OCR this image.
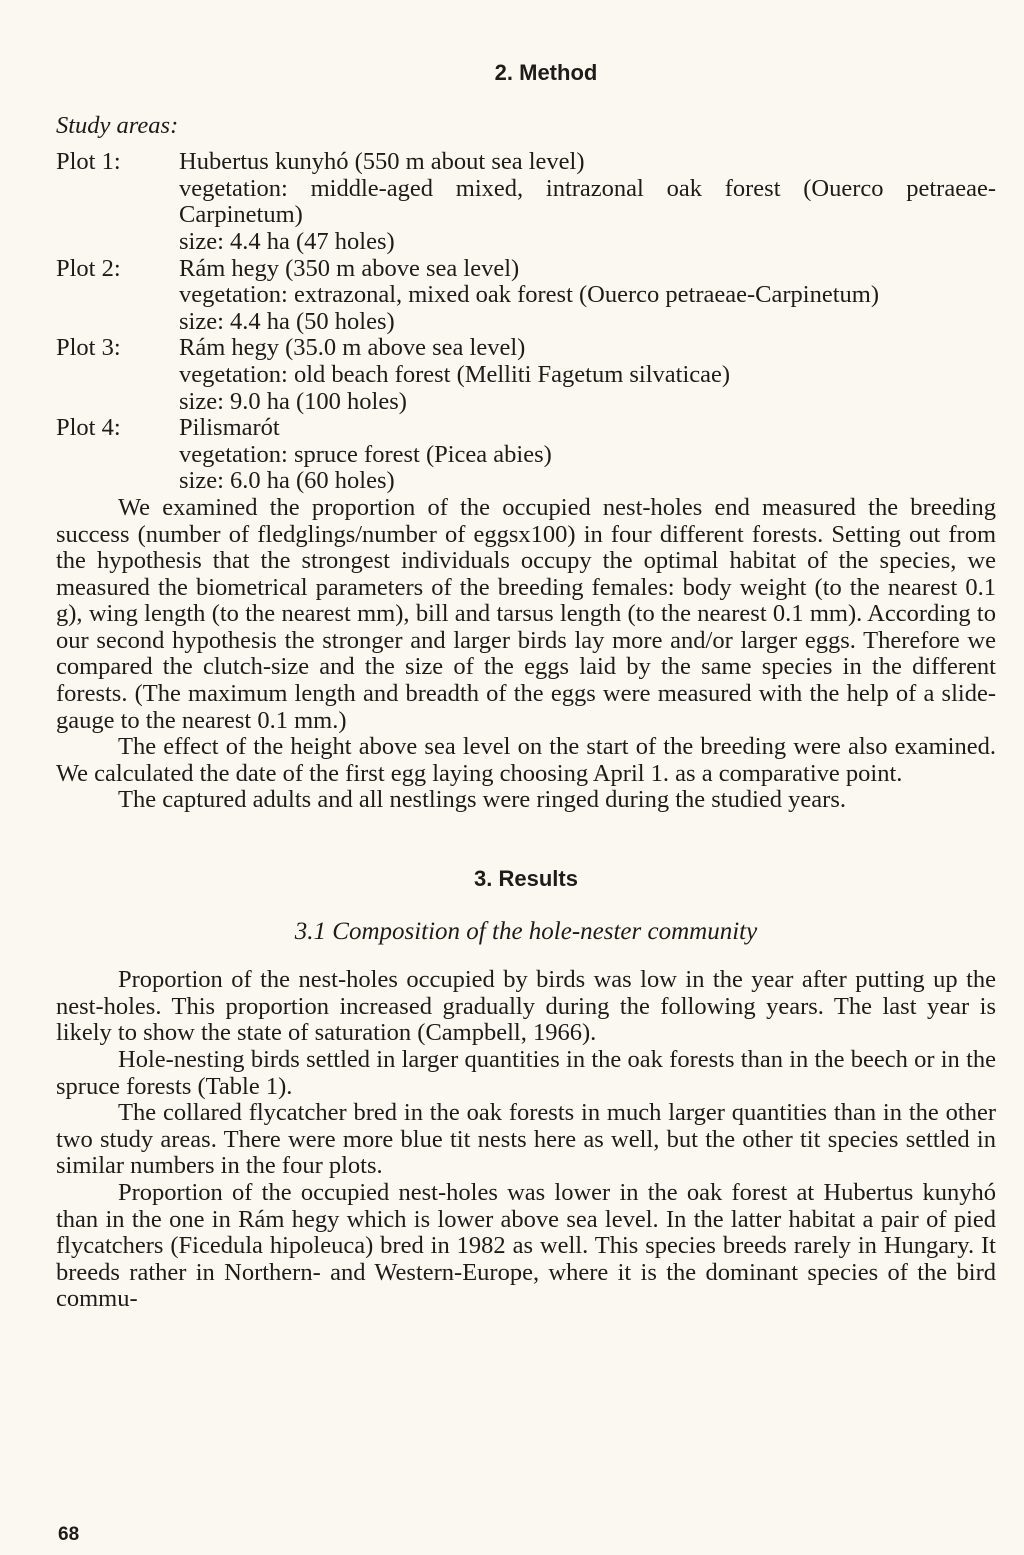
2. Method
Study areas:
Plot 1:	Hubertus kunyhó (550 m about sea level)

vegetation: middle-aged mixed, intrazonal oak forest (Ouerco petraeae-Carpinetum)

size: 4.4 ha (47 holes)

Plot 2:	Rám hegy (350 m above sea level)

vegetation: extrazonal, mixed oak forest (Ouerco petraeae-Carpinetum)

size: 4.4 ha (50 holes)

Plot 3:	Rám hegy (35.0 m above sea level)

vegetation: old beach forest (Melliti Fagetum silvaticae)

size: 9.0 ha (100 holes)

Plot 4:	Pilismarót

vegetation: spruce forest (Picea abies)

size: 6.0 ha (60 holes)

We examined the proportion of the occupied nest-holes end measured the breeding success (number of fledglings/number of eggsx100) in four different forests. Setting out from the hypothesis that the strongest individuals occupy the optimal habitat of the species, we measured the biometrical parameters of the breeding females: body weight (to the nearest 0.1 g), wing length (to the nearest mm), bill and tarsus length (to the nearest 0.1 mm). According to our second hypothesis the stronger and larger birds lay more and/or larger eggs. Therefore we compared the clutch-size and the size of the eggs laid by the same species in the different forests. (The maximum length and breadth of the eggs were measured with the help of a slide-gauge to the nearest 0.1 mm.)

The effect of the height above sea level on the start of the breeding were also examined. We calculated the date of the first egg laying choosing April 1. as a comparative point.

The captured adults and all nestlings were ringed during the studied years.

3. Results
3.1 Composition of the hole-nester community

Proportion of the nest-holes occupied by birds was low in the year after putting up the nest-holes. This proportion increased gradually during the following years. The last year is likely to show the state of saturation (Campbell, 1966).

Hole-nesting birds settled in larger quantities in the oak forests than in the beech or in the spruce forests (Table 1).

The collared flycatcher bred in the oak forests in much larger quantities than in the other two study areas. There were more blue tit nests here as well, but the other tit species settled in similar numbers in the four plots.

Proportion of the occupied nest-holes was lower in the oak forest at Hubertus kunyhó than in the one in Rám hegy which is lower above sea level. In the latter habitat a pair of pied flycatchers (Ficedula hipoleuca) bred in 1982 as well. This species breeds rarely in Hungary. It breeds rather in Northern- and Western-Europe, where it is the dominant species of the bird commu-

68
